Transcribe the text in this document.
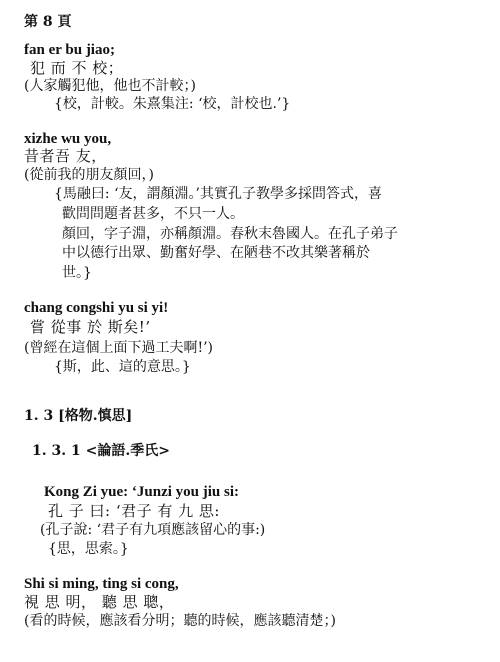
第 8 頁
fan er bu jiao;
犯 而 不 校；
(人家觸犯他，他也不計較；)
{校，計較。朱熹集注: ‘校，計校也.’}
xizhe wu you,
昔者吾 友，
(從前我的朋友顏回，)
{馬融曰: ‘友，謂顏淵。’其實孔子教學多採問答式，喜
歡問問題者甚多，不只一人。
顏回，字子淵，亦稱顏淵。春秋末魯國人。在孔子弟子
中以德行出眾、勤奮好學、在陋巷不改其樂著稱於
世。}
chang congshi yu si yi!
嘗 從事 於 斯矣!’
(曾經在這個上面下過工夫啊!’)
{斯，此、這的意思。}
1. 3 [格物.慎思]
1. 3. 1 <論語.季氏>
Kong Zi yue: ‘Junzi you jiu si:
孔 子 曰: ‘君子 有 九 思:
(孔子說: ‘君子有九項應該留心的事:)
{思，思索。}
Shi si ming, ting si cong,
視 思 明， 聽 思 聰，
(看的時候，應該看分明；聽的時候，應該聽清楚；)
